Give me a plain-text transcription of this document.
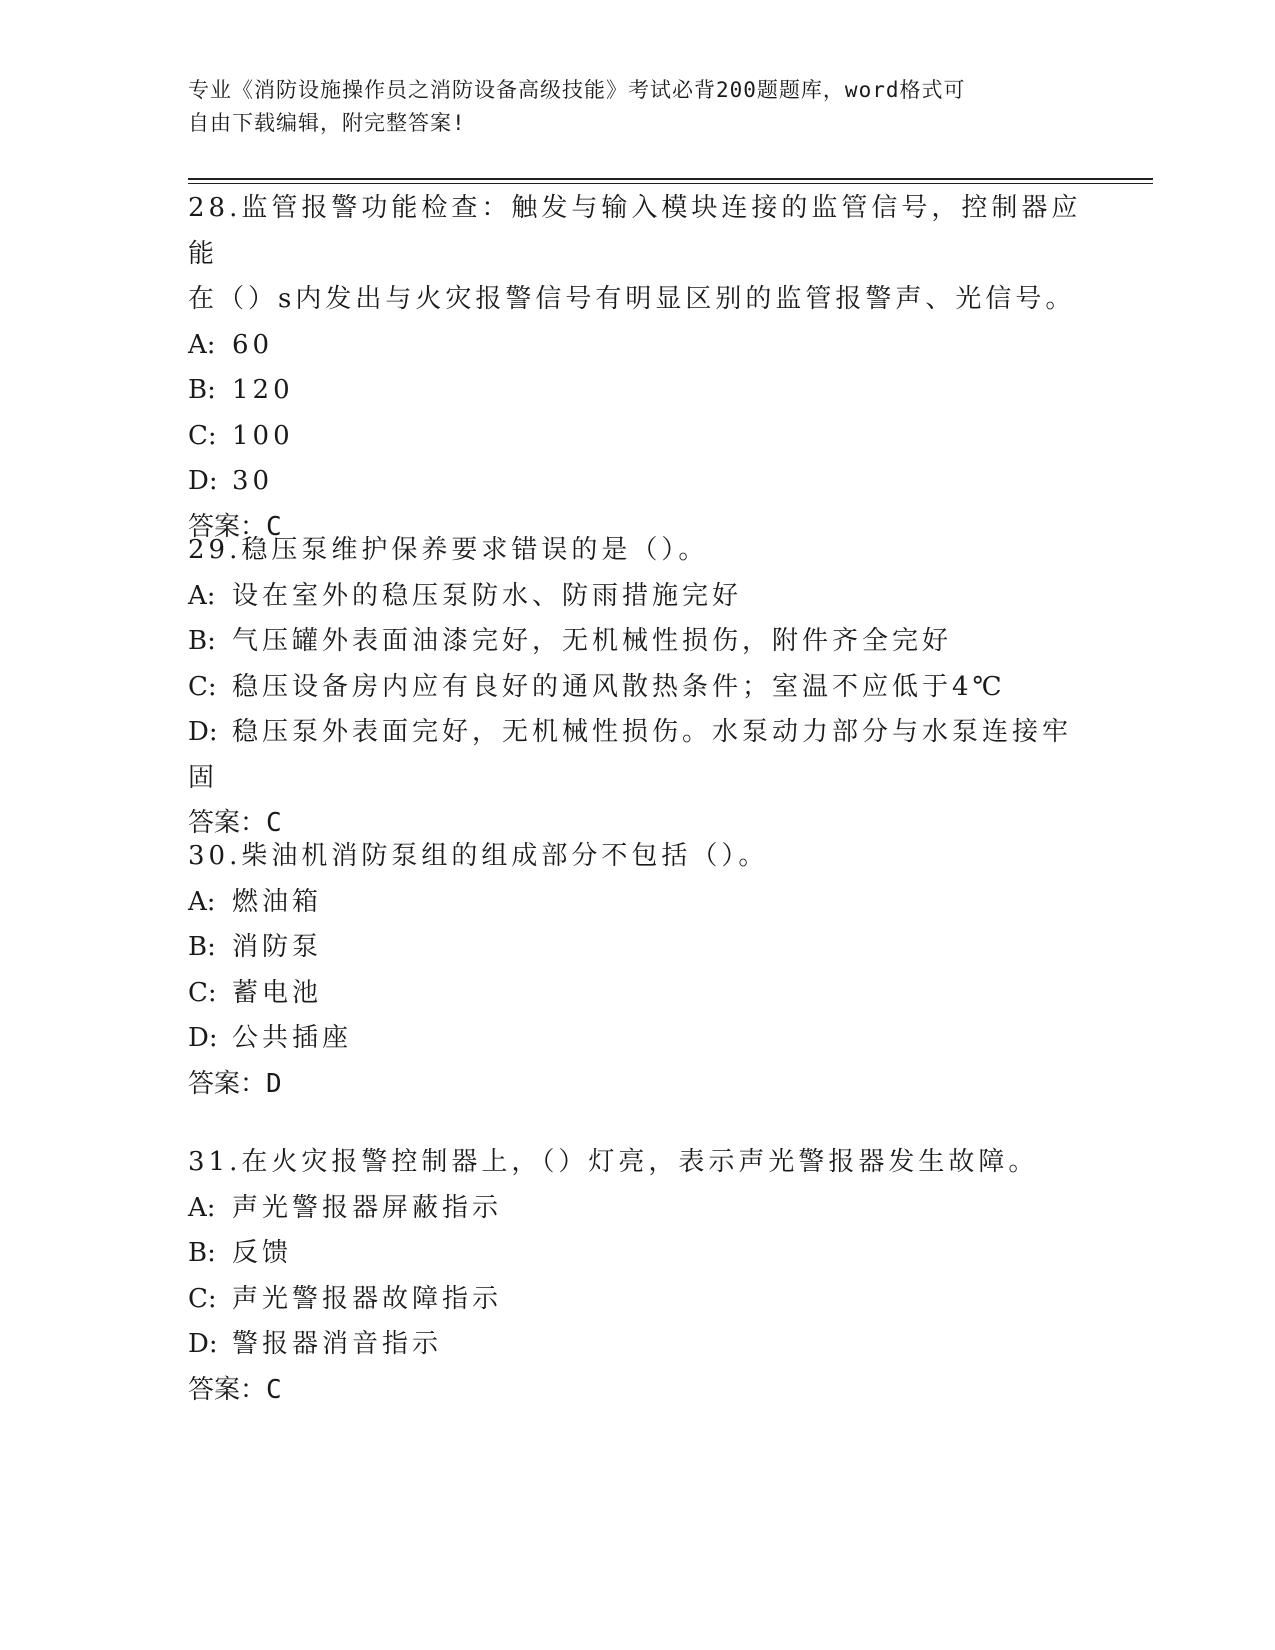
专业《消防设施操作员之消防设备高级技能》考试必背200题题库，word格式可
自由下载编辑，附完整答案!
28.监管报警功能检查：触发与输入模块连接的监管信号，控制器应能
在（）s内发出与火灾报警信号有明显区别的监管报警声、光信号。
A: 60
B: 120
C: 100
D: 30
答案：C
29.稳压泵维护保养要求错误的是（）。
A: 设在室外的稳压泵防水、防雨措施完好
B: 气压罐外表面油漆完好，无机械性损伤，附件齐全完好
C: 稳压设备房内应有良好的通风散热条件；室温不应低于4℃
D: 稳压泵外表面完好，无机械性损伤。水泵动力部分与水泵连接牢固
答案：C
30.柴油机消防泵组的组成部分不包括（）。
A: 燃油箱
B: 消防泵
C: 蓄电池
D: 公共插座
答案：D
31.在火灾报警控制器上，（）灯亮，表示声光警报器发生故障。
A: 声光警报器屏蔽指示
B: 反馈
C: 声光警报器故障指示
D: 警报器消音指示
答案：C
